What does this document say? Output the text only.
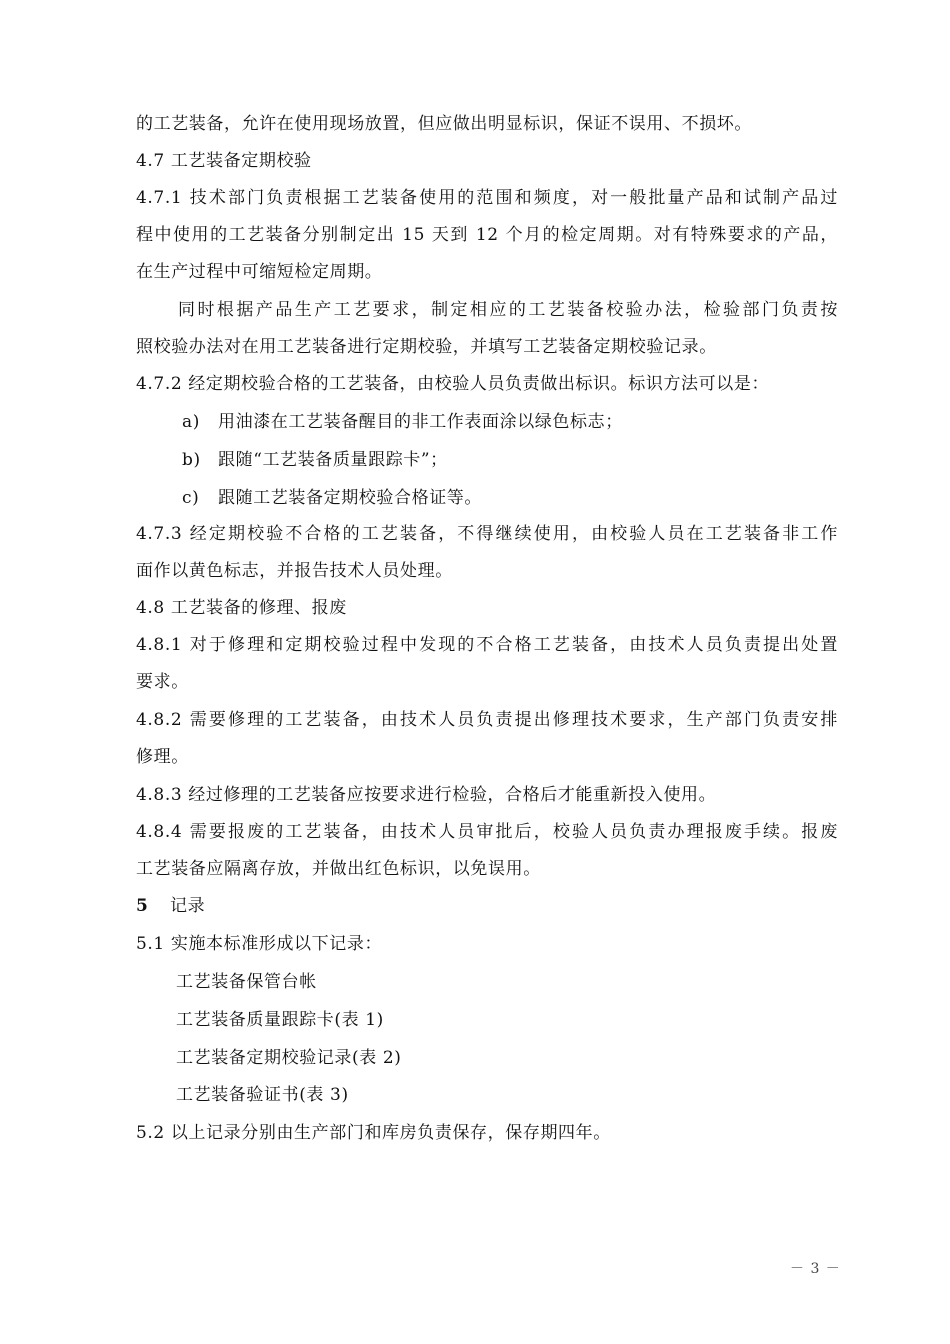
的工艺装备，允许在使用现场放置，但应做出明显标识，保证不误用、不损坏。
4.7 工艺装备定期校验
4.7.1 技术部门负责根据工艺装备使用的范围和频度，对一般批量产品和试制产品过
程中使用的工艺装备分别制定出 15 天到 12 个月的检定周期。对有特殊要求的产品，
在生产过程中可缩短检定周期。
同时根据产品生产工艺要求，制定相应的工艺装备校验办法，检验部门负责按
照校验办法对在用工艺装备进行定期校验，并填写工艺装备定期校验记录。
4.7.2 经定期校验合格的工艺装备，由校验人员负责做出标识。标识方法可以是：
a) 用油漆在工艺装备醒目的非工作表面涂以绿色标志；
b) 跟随“工艺装备质量跟踪卡”；
c) 跟随工艺装备定期校验合格证等。
4.7.3 经定期校验不合格的工艺装备，不得继续使用，由校验人员在工艺装备非工作
面作以黄色标志，并报告技术人员处理。
4.8 工艺装备的修理、报废
4.8.1 对于修理和定期校验过程中发现的不合格工艺装备，由技术人员负责提出处置
要求。
4.8.2 需要修理的工艺装备，由技术人员负责提出修理技术要求，生产部门负责安排
修理。
4.8.3 经过修理的工艺装备应按要求进行检验，合格后才能重新投入使用。
4.8.4 需要报废的工艺装备，由技术人员审批后，校验人员负责办理报废手续。报废
工艺装备应隔离存放，并做出红色标识，以免误用。
5 记录
5.1 实施本标准形成以下记录：
工艺装备保管台帐
工艺装备质量跟踪卡(表 1)
工艺装备定期校验记录(表 2)
工艺装备验证书(表 3)
5.2 以上记录分别由生产部门和库房负责保存，保存期四年。
－ 3 －
